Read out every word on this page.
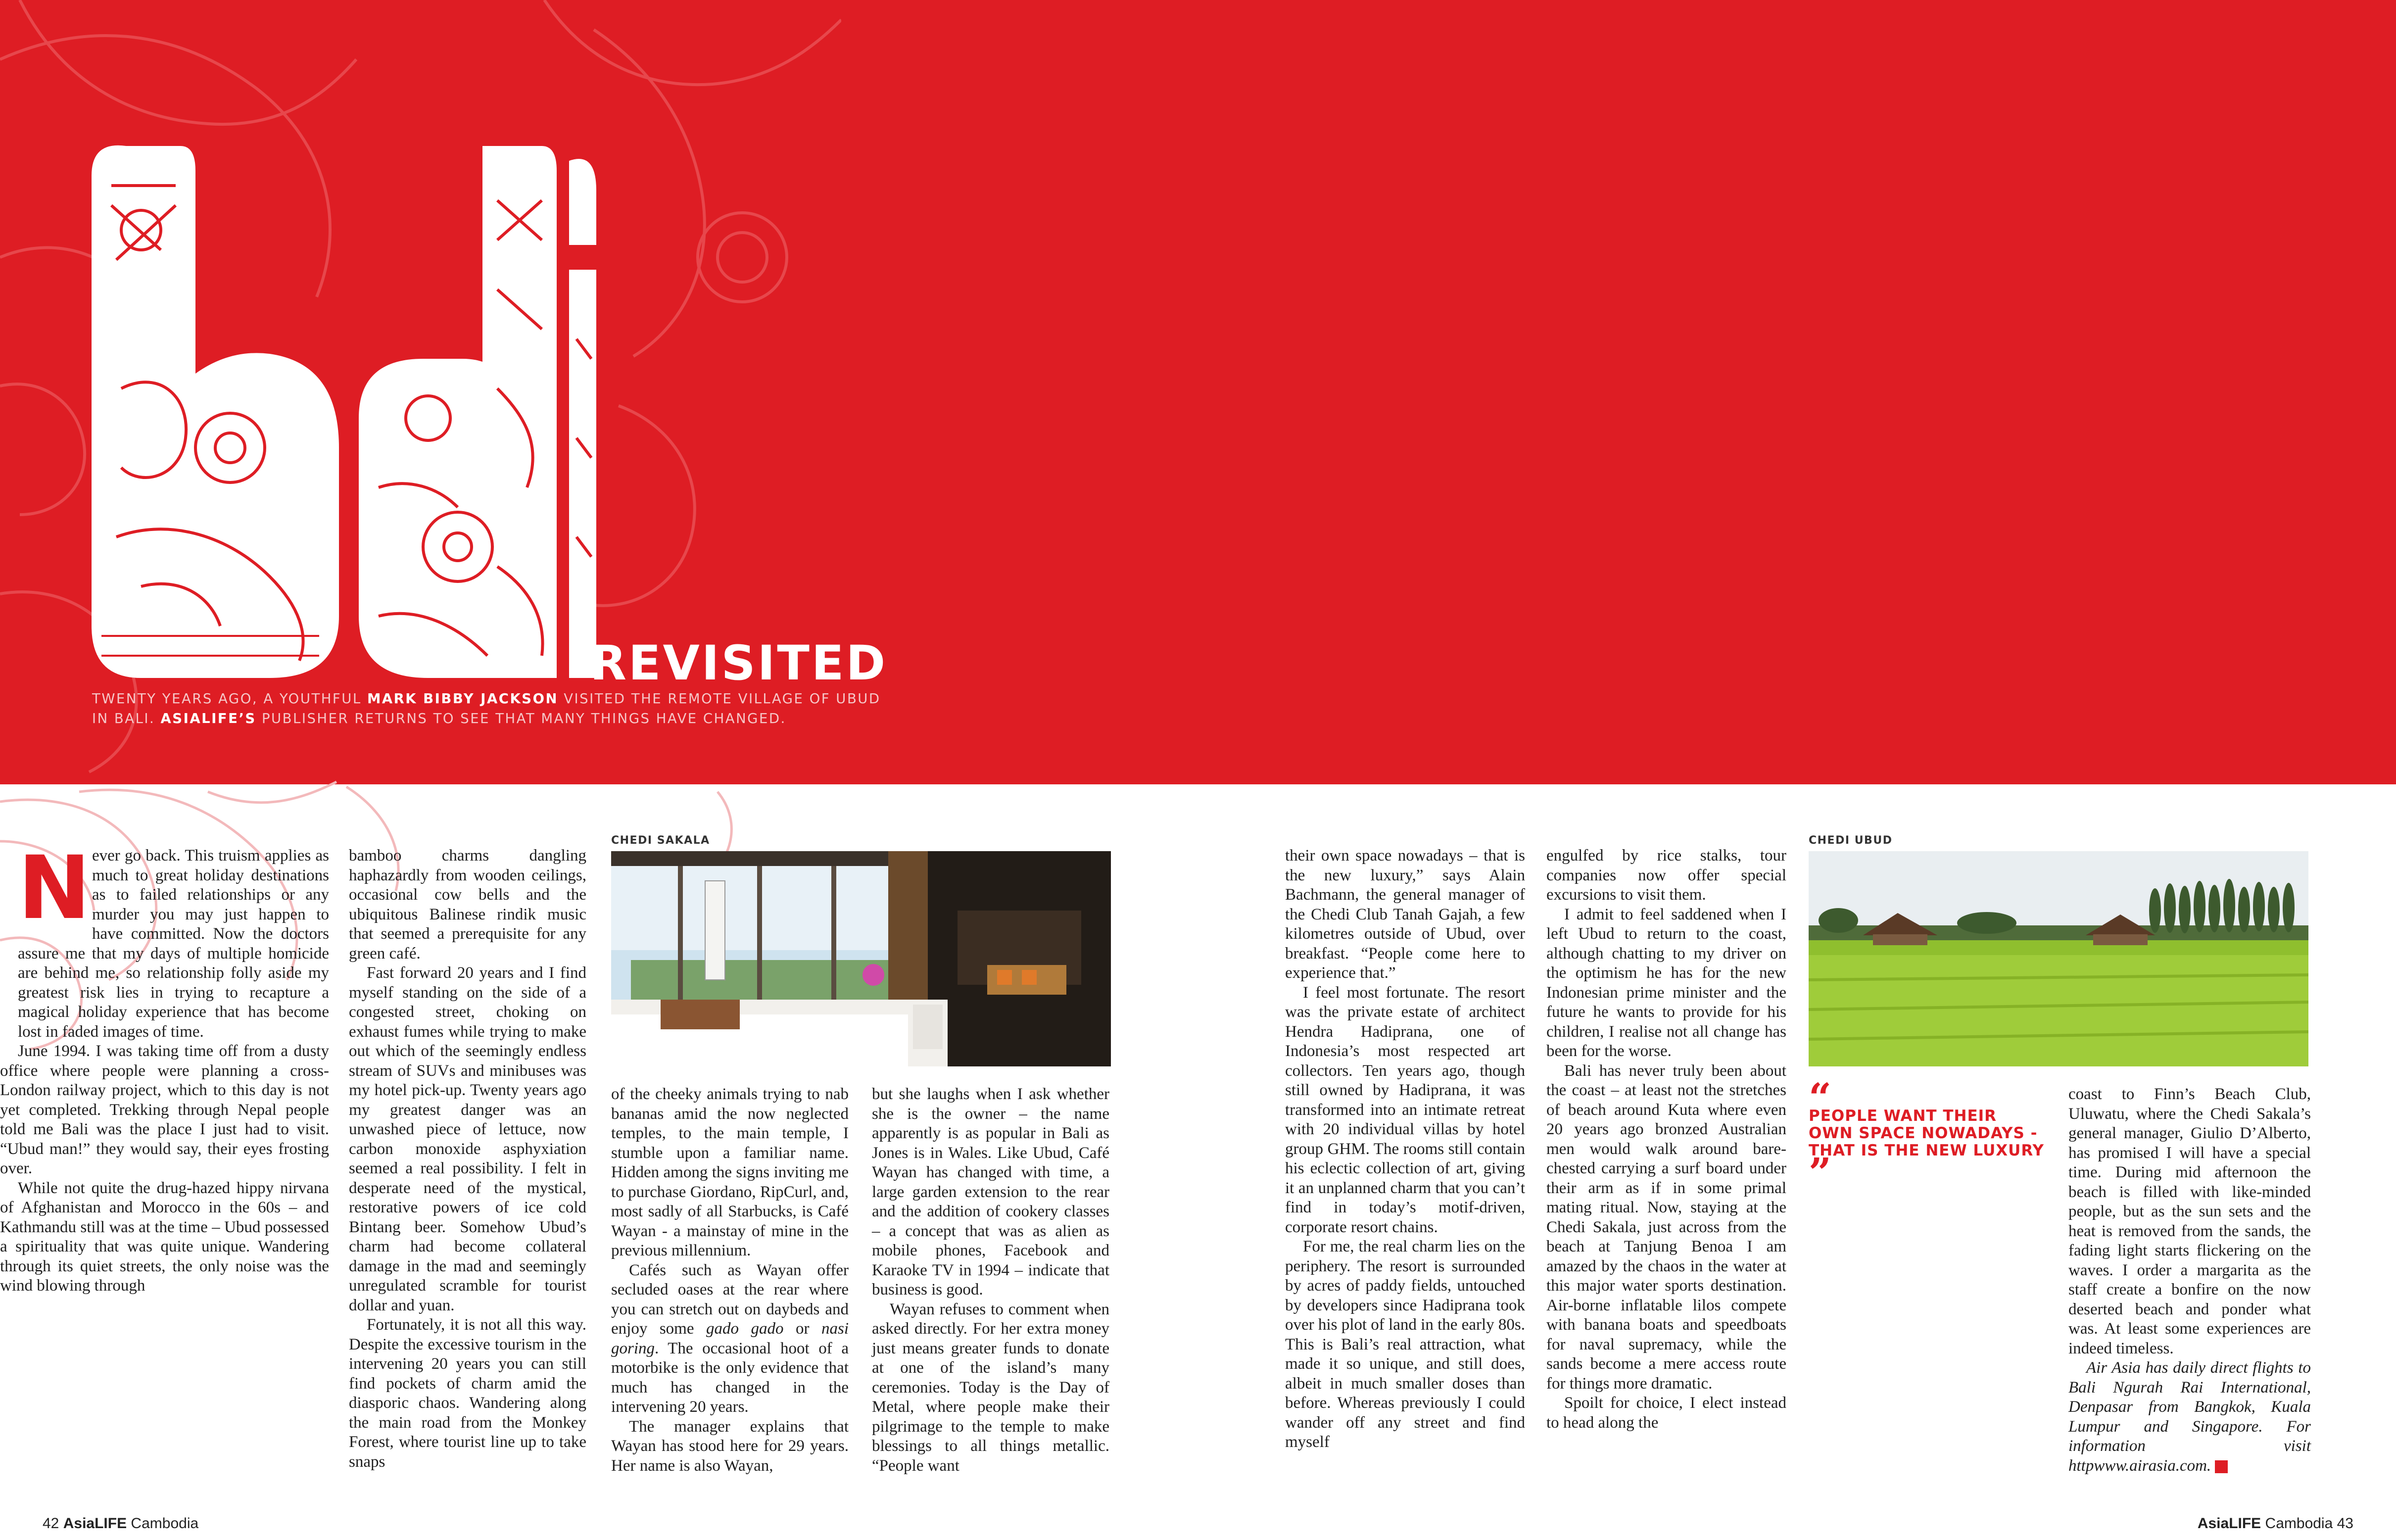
REVISITED
TWENTY YEARS AGO, A YOUTHFUL MARK BIBBY JACKSON VISITED THE REMOTE VILLAGE OF UBUD IN BALI. ASIALIFE’S PUBLISHER RETURNS TO SEE THAT MANY THINGS HAVE CHANGED.

Never go back. This truism applies as much to great holiday destinations as to failed relationships or any murder you may just happen to have committed. Now the doctors assure me that my days of multiple homicide are behind me, so relationship folly aside my greatest risk lies in trying to recapture a magical holiday experience that has become lost in faded images of time.

June 1994. I was taking time off from a dusty office where people were planning a cross-London railway project, which to this day is not yet completed. Trekking through Nepal people told me Bali was the place I just had to visit. “Ubud man!” they would say, their eyes frosting over.

While not quite the drug-hazed hippy nirvana of Afghanistan and Morocco in the 60s – and Kathmandu still was at the time – Ubud possessed a spirituality that was quite unique. Wandering through its quiet streets, the only noise was the wind blowing through

bamboo charms dangling haphazardly from wooden ceilings, occasional cow bells and the ubiquitous Balinese rindik music that seemed a prerequisite for any green café.

Fast forward 20 years and I find myself standing on the side of a congested street, choking on exhaust fumes while trying to make out which of the seemingly endless stream of SUVs and minibuses was my hotel pick-up. Twenty years ago my greatest danger was an unwashed piece of lettuce, now carbon monoxide asphyxiation seemed a real possibility. I felt in desperate need of the mystical, restorative powers of ice cold Bintang beer. Somehow Ubud’s charm had become collateral damage in the mad and seemingly unregulated scramble for tourist dollar and yuan.

Fortunately, it is not all this way. Despite the excessive tourism in the intervening 20 years you can still find pockets of charm amid the diasporic chaos. Wandering along the main road from the Monkey Forest, where tourist line up to take snaps

CHEDI SAKALA

of the cheeky animals trying to nab bananas amid the now neglected temples, to the main temple, I stumble upon a familiar name. Hidden among the signs inviting me to purchase Giordano, RipCurl, and, most sadly of all Starbucks, is Café Wayan - a mainstay of mine in the previous millennium.

Cafés such as Wayan offer secluded oases at the rear where you can stretch out on daybeds and enjoy some gado gado or nasi goring. The occasional hoot of a motorbike is the only evidence that much has changed in the intervening 20 years.

The manager explains that Wayan has stood here for 29 years. Her name is also Wayan,

but she laughs when I ask whether she is the owner – the name apparently is as popular in Bali as Jones is in Wales. Like Ubud, Café Wayan has changed with time, a large garden extension to the rear and the addition of cookery classes – a concept that was as alien as mobile phones, Facebook and Karaoke TV in 1994 – indicate that business is good.

Wayan refuses to comment when asked directly. For her extra money just means greater funds to donate at one of the island’s many ceremonies. Today is the Day of Metal, where people make their pilgrimage to the temple to make blessings to all things metallic. “People want

their own space nowadays – that is the new luxury,” says Alain Bachmann, the general manager of the Chedi Club Tanah Gajah, a few kilometres outside of Ubud, over breakfast. “People come here to experience that.”

I feel most fortunate. The resort was the private estate of architect Hendra Hadiprana, one of Indonesia’s most respected art collectors. Ten years ago, though still owned by Hadiprana, it was transformed into an intimate retreat with 20 individual villas by hotel group GHM. The rooms still contain his eclectic collection of art, giving it an unplanned charm that you can’t find in today’s motif-driven, corporate resort chains.

For me, the real charm lies on the periphery. The resort is surrounded by acres of paddy fields, untouched by developers since Hadiprana took over his plot of land in the early 80s. This is Bali’s real attraction, what made it so unique, and still does, albeit in much smaller doses than before. Whereas previously I could wander off any street and find myself

engulfed by rice stalks, tour companies now offer special excursions to visit them.

I admit to feel saddened when I left Ubud to return to the coast, although chatting to my driver on the optimism he has for the new Indonesian prime minister and the future he wants to provide for his children, I realise not all change has been for the worse.

Bali has never truly been about the coast – at least not the stretches of beach around Kuta where even 20 years ago bronzed Australian men would walk around bare-chested carrying a surf board under their arm as if in some primal mating ritual. Now, staying at the Chedi Sakala, just across from the beach at Tanjung Benoa I am amazed by the chaos in the water at this major water sports destination. Air-borne inflatable lilos compete with banana boats and speedboats for naval supremacy, while the sands become a mere access route for things more dramatic.

Spoilt for choice, I elect instead to head along the

CHEDI UBUD
“
PEOPLE WANT THEIR OWN SPACE NOWADAYS - THAT IS THE NEW LUXURY
”

coast to Finn’s Beach Club, Uluwatu, where the Chedi Sakala’s general manager, Giulio D’Alberto, has promised I will have a special time. During mid afternoon the beach is filled with like-minded people, but as the sun sets and the heat is removed from the sands, the fading light starts flickering on the waves. I order a margarita as the staff create a bonfire on the now deserted beach and ponder what was. At least some experiences are indeed timeless.

Air Asia has daily direct flights to Bali Ngurah Rai International, Denpasar from Bangkok, Kuala Lumpur and Singapore. For information visit httpwww.airasia.com. A

42 AsiaLIFE Cambodia	AsiaLIFE Cambodia 43
